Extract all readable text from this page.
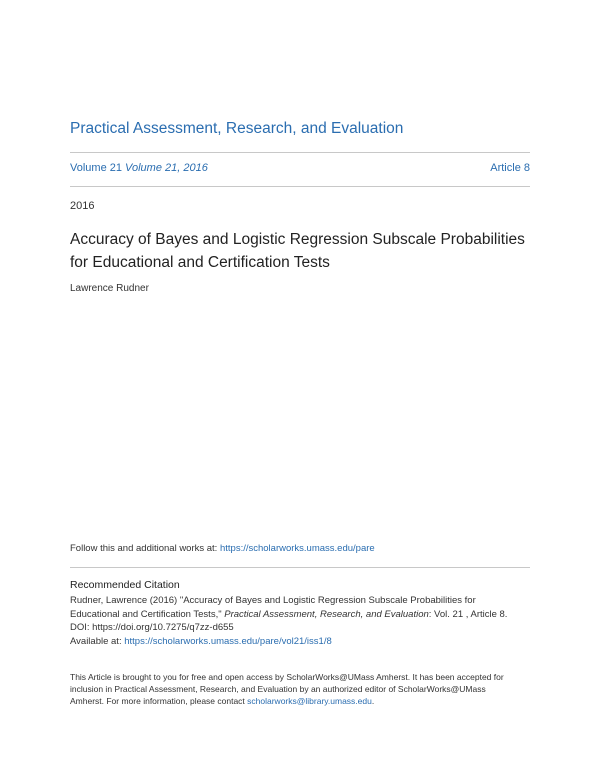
Practical Assessment, Research, and Evaluation
Volume 21 Volume 21, 2016	Article 8
2016
Accuracy of Bayes and Logistic Regression Subscale Probabilities
for Educational and Certification Tests
Lawrence Rudner
Follow this and additional works at: https://scholarworks.umass.edu/pare
Recommended Citation
Rudner, Lawrence (2016) "Accuracy of Bayes and Logistic Regression Subscale Probabilities for
Educational and Certification Tests," Practical Assessment, Research, and Evaluation: Vol. 21 , Article 8.
DOI: https://doi.org/10.7275/q7zz-d655
Available at: https://scholarworks.umass.edu/pare/vol21/iss1/8
This Article is brought to you for free and open access by ScholarWorks@UMass Amherst. It has been accepted for
inclusion in Practical Assessment, Research, and Evaluation by an authorized editor of ScholarWorks@UMass
Amherst. For more information, please contact scholarworks@library.umass.edu.
